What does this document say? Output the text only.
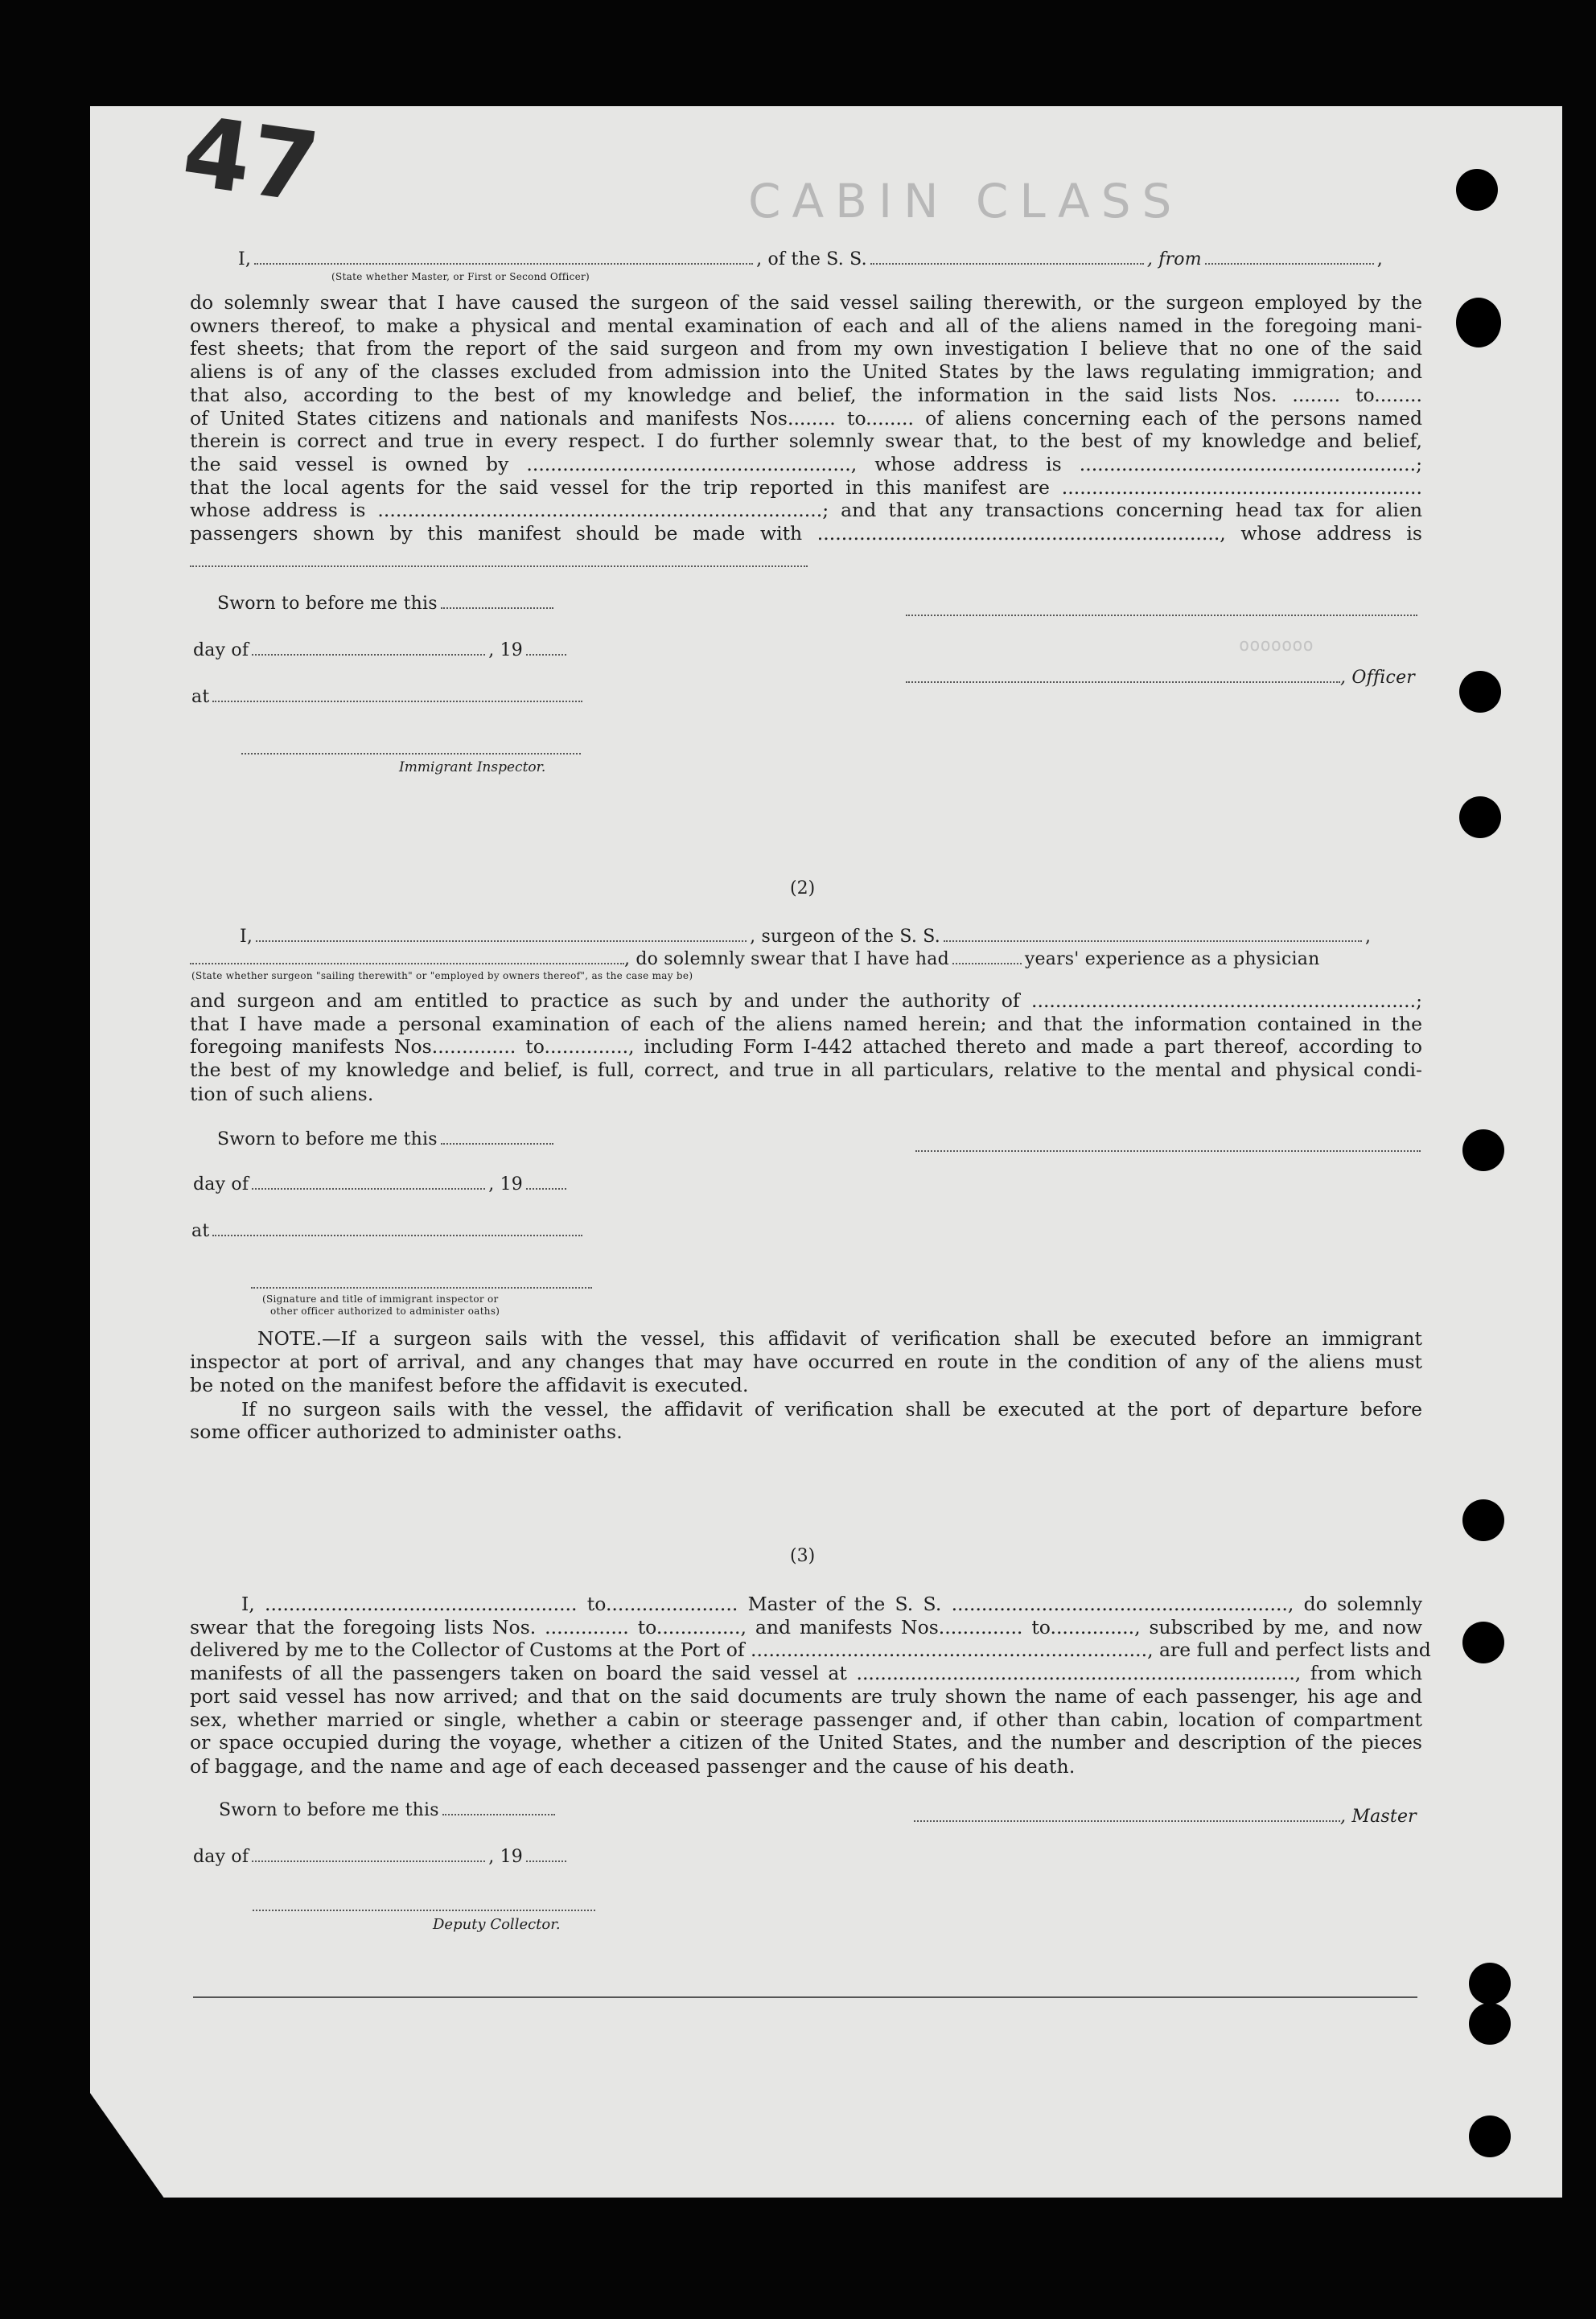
ooooooo
47	CABIN CLASS
I,	, of the S. S.	, from	,
(State whether Master, or First or Second Officer)
do solemnly swear that I have caused the surgeon of the said vessel sailing therewith, or the surgeon employed by the
owners thereof, to make a physical and mental examination of each and all of the aliens named in the foregoing mani-
fest sheets; that from the report of the said surgeon and from my own investigation I believe that no one of the said
aliens is of any of the classes excluded from admission into the United States by the laws regulating immigration; and
that also, according to the best of my knowledge and belief, the information in the said lists Nos. ........ to........
of United States citizens and nationals and manifests Nos........ to........ of aliens concerning each of the persons named
therein is correct and true in every respect. I do further solemnly swear that, to the best of my knowledge and belief,
the said vessel is owned by ......................................................, whose address is ........................................................;
that the local agents for the said vessel for the trip reported in this manifest are ............................................................
whose address is ..........................................................................; and that any transactions concerning head tax for alien
passengers shown by this manifest should be made with ..................................................................., whose address is
Sworn to before me this
day of	, 19
, Officer
at
Immigrant Inspector.
(2)
I,	, surgeon of the S. S.	,
, do solemnly swear that I have had	years' experience as a physician
(State whether surgeon "sailing therewith" or "employed by owners thereof", as the case may be)
and surgeon and am entitled to practice as such by and under the authority of ................................................................;
that I have made a personal examination of each of the aliens named herein; and that the information contained in the
foregoing manifests Nos.............. to.............., including Form I-442 attached thereto and made a part thereof, according to
the best of my knowledge and belief, is full, correct, and true in all particulars, relative to the mental and physical condi-
tion of such aliens.
Sworn to before me this
day of	, 19
at
(Signature and title of immigrant inspector or
other officer authorized to administer oaths)
NOTE.—If a surgeon sails with the vessel, this affidavit of verification shall be executed before an immigrant
inspector at port of arrival, and any changes that may have occurred en route in the condition of any of the aliens must
be noted on the manifest before the affidavit is executed.
If no surgeon sails with the vessel, the affidavit of verification shall be executed at the port of departure before
some officer authorized to administer oaths.
(3)
I, .................................................... to...................... Master of the S. S. ........................................................, do solemnly
swear that the foregoing lists Nos. .............. to.............., and manifests Nos.............. to.............., subscribed by me, and now
delivered by me to the Collector of Customs at the Port of .................................................................., are full and perfect lists and
manifests of all the passengers taken on board the said vessel at ........................................................................., from which
port said vessel has now arrived; and that on the said documents are truly shown the name of each passenger, his age and
sex, whether married or single, whether a cabin or steerage passenger and, if other than cabin, location of compartment
or space occupied during the voyage, whether a citizen of the United States, and the number and description of the pieces
of baggage, and the name and age of each deceased passenger and the cause of his death.
Sworn to before me this	, Master
day of	, 19
Deputy Collector.
